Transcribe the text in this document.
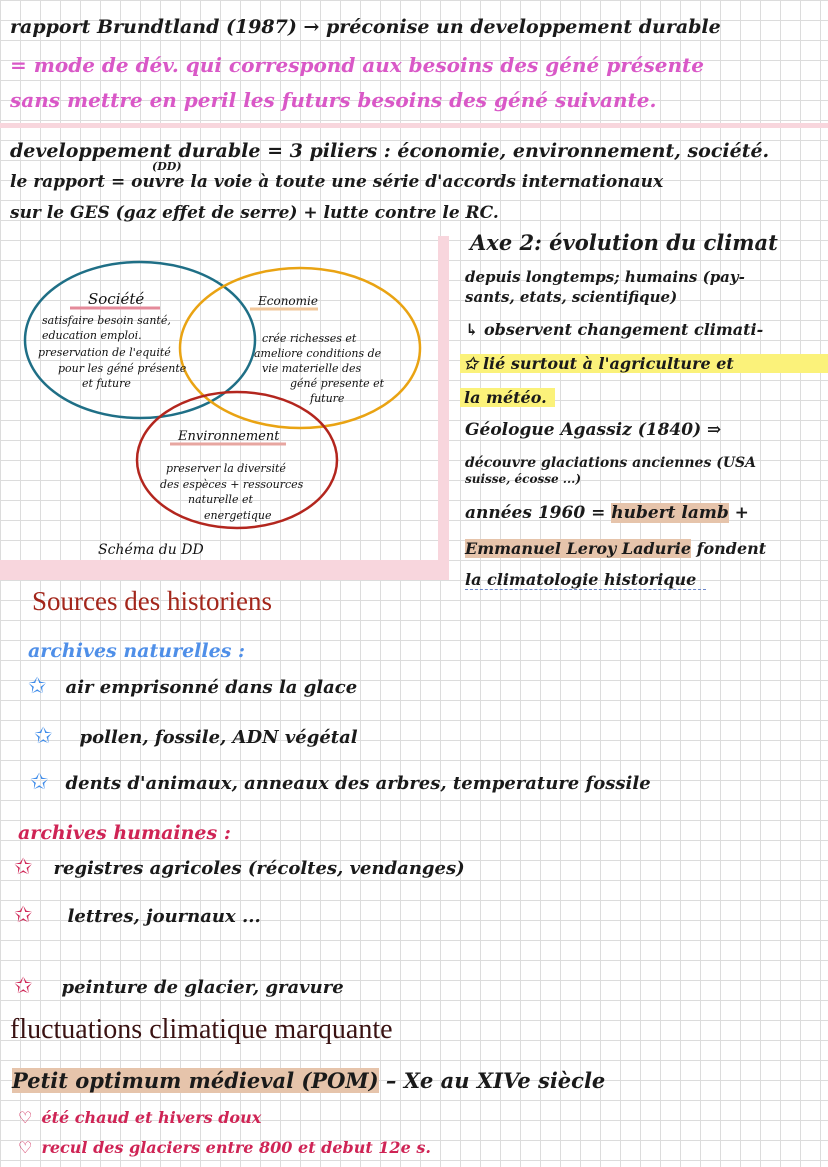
rapport Brundtland (1987) → préconise un developpement durable
= mode de dév. qui correspond aux besoins des géné présente
sans mettre en peril les futurs besoins des géné suivante.
developpement durable = 3 piliers : économie, environnement, société.
(DD)
le rapport = ouvre la voie à toute une série d'accords internationaux
sur le GES (gaz effet de serre) + lutte contre le RC.
Société
satisfaire besoin santé,
education emploi.
preservation de l'equité
pour les géné présente
et future
Economie
crée richesses et
ameliore conditions de
vie materielle des
géné presente et
future
Environnement
preserver la diversité
des espèces + ressources
naturelle et
energetique
Schéma du DD
Axe 2: évolution du climat
depuis longtemps; humains (pay-
sants, etats, scientifique)
↳ observent changement climati-
✩ lié surtout à l'agriculture et
la météo.
Géologue Agassiz (1840) ⇒
découvre glaciations anciennes (USA
suisse, écosse ...)
années 1960 = hubert lamb +
Emmanuel Leroy Ladurie fondent
la climatologie historique
Sources des historiens
archives naturelles :
✩ air emprisonné dans la glace
✩ pollen, fossile, ADN végétal
✩ dents d'animaux, anneaux des arbres, temperature fossile
archives humaines :
✩ registres agricoles (récoltes, vendanges)
✩ lettres, journaux ...
✩ peinture de glacier, gravure
fluctuations climatique marquante
Petit optimum médieval (POM) – Xe au XIVe siècle
♡ été chaud et hivers doux
♡ recul des glaciers entre 800 et debut 12e s.
